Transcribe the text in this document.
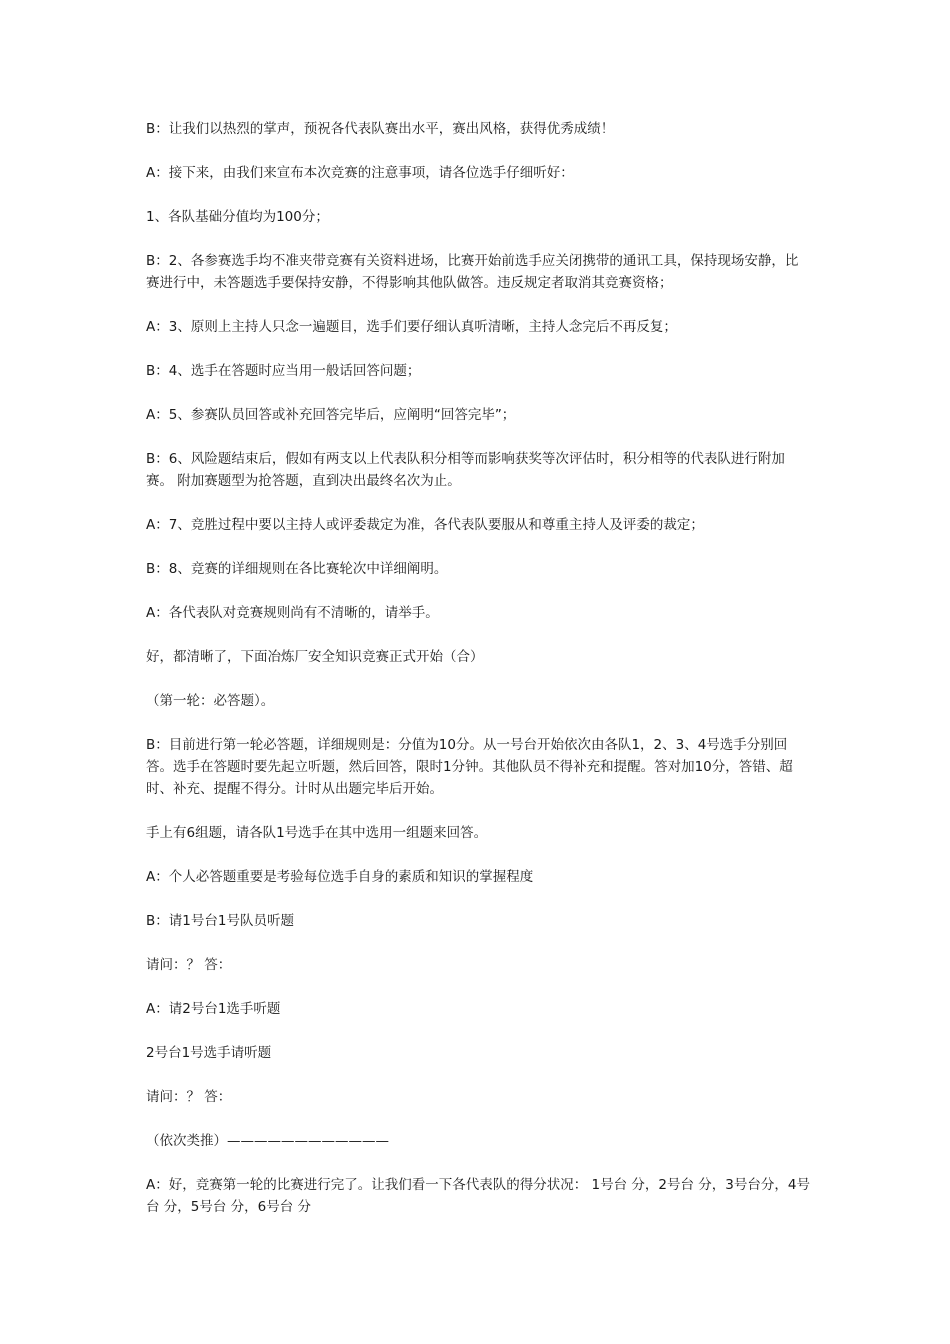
B：让我们以热烈的掌声，预祝各代表队赛出水平，赛出风格，获得优秀成绩！

A：接下来，由我们来宣布本次竞赛的注意事项，请各位选手仔细听好：

1、各队基础分值均为100分；

B：2、各参赛选手均不准夹带竞赛有关资料进场，比赛开始前选手应关闭携带的通讯工具，保持现场安静，比赛进行中，未答题选手要保持安静，不得影响其他队做答。违反规定者取消其竞赛资格；

A：3、原则上主持人只念一遍题目，选手们要仔细认真听清晰，主持人念完后不再反复；

B：4、选手在答题时应当用一般话回答问题；

A：5、参赛队员回答或补充回答完毕后，应阐明“回答完毕”；

B：6、风险题结束后，假如有两支以上代表队积分相等而影响获奖等次评估时，积分相等的代表队进行附加赛。 附加赛题型为抢答题，直到决出最终名次为止。

A：7、竞胜过程中要以主持人或评委裁定为准，各代表队要服从和尊重主持人及评委的裁定；

B：8、竞赛的详细规则在各比赛轮次中详细阐明。

A：各代表队对竞赛规则尚有不清晰的，请举手。

好，都清晰了，下面冶炼厂安全知识竞赛正式开始（合）

（第一轮：必答题）。

B：目前进行第一轮必答题，详细规则是：分值为10分。从一号台开始依次由各队1，2、3、4号选手分别回答。选手在答题时要先起立听题，然后回答，限时1分钟。其他队员不得补充和提醒。答对加10分，答错、超时、补充、提醒不得分。计时从出题完毕后开始。

手上有6组题，请各队1号选手在其中选用一组题来回答。

A：个人必答题重要是考验每位选手自身的素质和知识的掌握程度

B：请1号台1号队员听题

请问：？ 答：

A：请2号台1选手听题

2号台1号选手请听题

请问：？ 答：

（依次类推）————————————

A：好，竞赛第一轮的比赛进行完了。让我们看一下各代表队的得分状况： 1号台 分，2号台 分，3号台分，4号台 分，5号台 分，6号台 分
